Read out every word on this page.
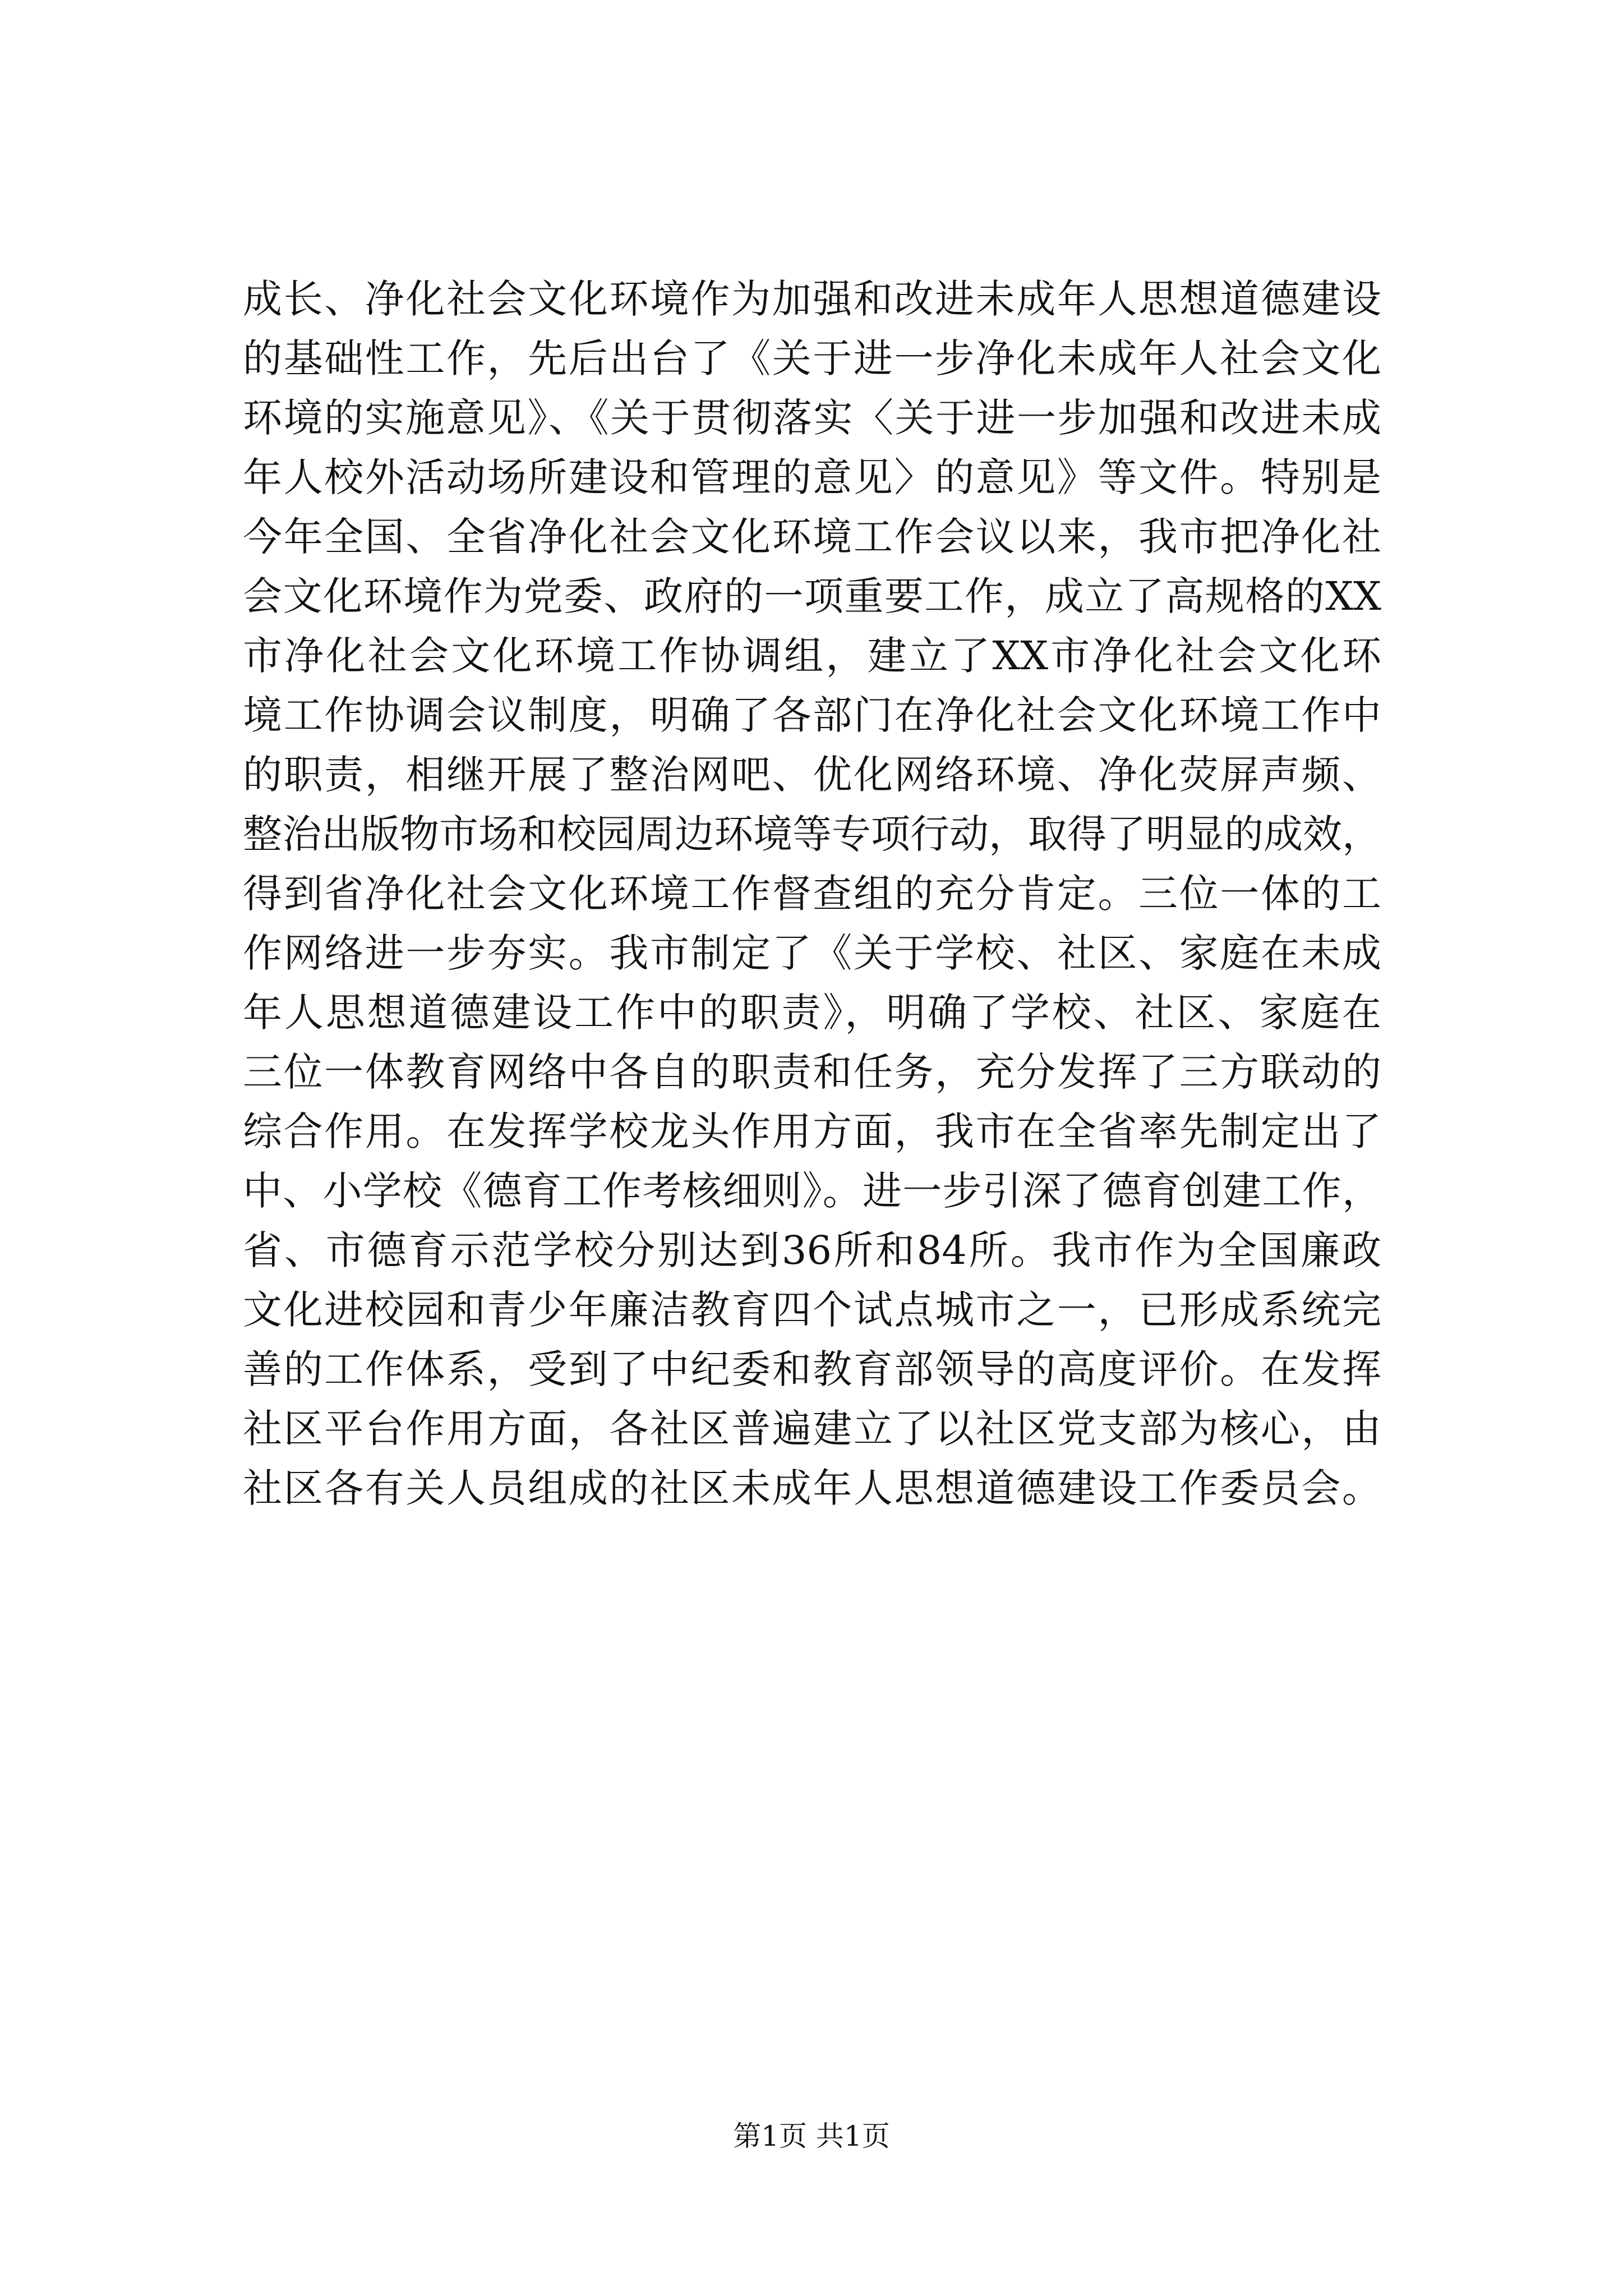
成长、净化社会文化环境作为加强和改进未成年人思想道德建设
的基础性工作，先后出台了《关于进一步净化未成年人社会文化
环境的实施意见》、《关于贯彻落实〈关于进一步加强和改进未成
年人校外活动场所建设和管理的意见〉的意见》等文件。特别是
今年全国、全省净化社会文化环境工作会议以来，我市把净化社
会文化环境作为党委、政府的一项重要工作，成立了高规格的XX
市净化社会文化环境工作协调组，建立了XX市净化社会文化环
境工作协调会议制度，明确了各部门在净化社会文化环境工作中
的职责，相继开展了整治网吧、优化网络环境、净化荧屏声频、
整治出版物市场和校园周边环境等专项行动，取得了明显的成效，
得到省净化社会文化环境工作督查组的充分肯定。三位一体的工
作网络进一步夯实。我市制定了《关于学校、社区、家庭在未成
年人思想道德建设工作中的职责》，明确了学校、社区、家庭在
三位一体教育网络中各自的职责和任务，充分发挥了三方联动的
综合作用。在发挥学校龙头作用方面，我市在全省率先制定出了
中、小学校《德育工作考核细则》。进一步引深了德育创建工作，
省、市德育示范学校分别达到36所和84所。我市作为全国廉政
文化进校园和青少年廉洁教育四个试点城市之一，已形成系统完
善的工作体系，受到了中纪委和教育部领导的高度评价。在发挥
社区平台作用方面，各社区普遍建立了以社区党支部为核心，由
社区各有关人员组成的社区未成年人思想道德建设工作委员会。
第1页 共1页
